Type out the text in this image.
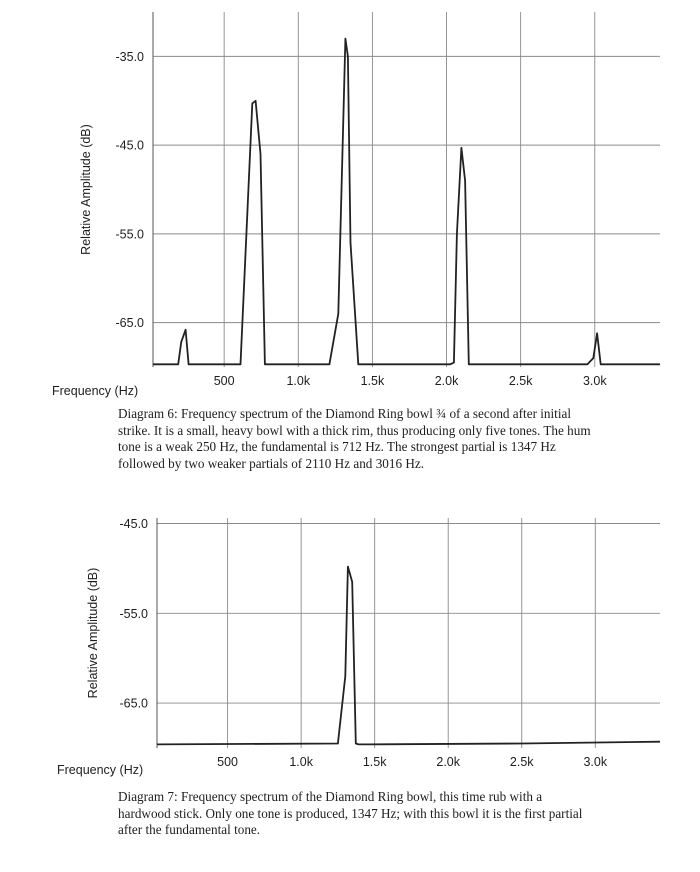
500	1.0k	1.5k	2.0k	2.5k	3.0k
-35.0
-45.0
-55.0
-65.0
Relative Amplitude (dB)
Frequency (Hz)
Diagram 6: Frequency spectrum of the Diamond Ring bowl ¾ of a second after initial
strike. It is a small, heavy bowl with a thick rim, thus producing only five tones. The hum
tone is a weak 250 Hz, the fundamental is 712 Hz. The strongest partial is 1347 Hz
followed by two weaker partials of 2110 Hz and 3016 Hz.
500	1.0k	1.5k	2.0k	2.5k	3.0k
-45.0
-55.0
-65.0
Relative Amplitude (dB)
Frequency (Hz)
Diagram 7: Frequency spectrum of the Diamond Ring bowl, this time rub with a
hardwood stick. Only one tone is produced, 1347 Hz; with this bowl it is the first partial
after the fundamental tone.
